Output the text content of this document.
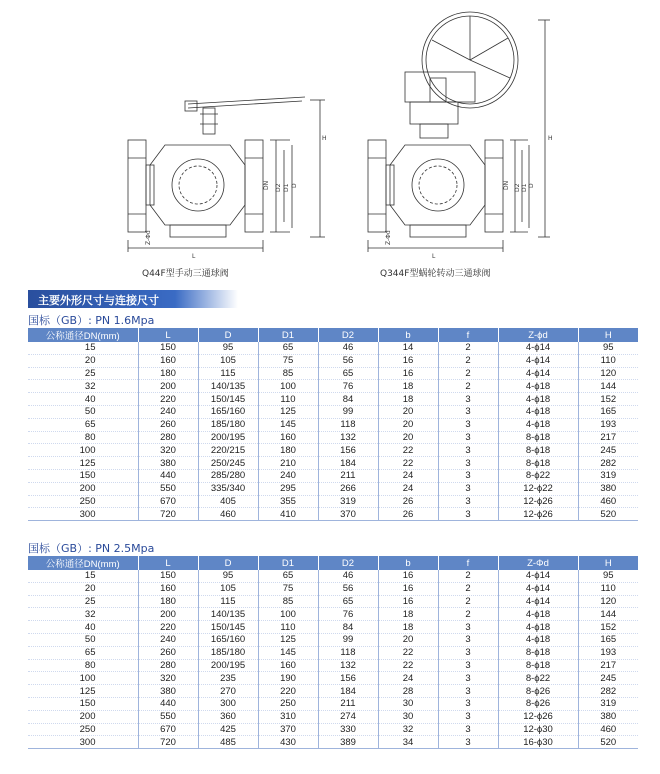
L
H
DN D2 D1 D
Z-Φd
L
H
DN D2 D1 D
Z-Φd
Q44F型手动三通球阀	Q344F型蜗轮转动三通球阀
主要外形尺寸与连接尺寸
国标（GB）: PN 1.6Mpa
公称通径DN(mm)	L	D	D1	D2	b	f	Z-ϕd	H
15	150	95	65	46	14	2	4-ϕ14	95
20	160	105	75	56	16	2	4-ϕ14	110
25	180	115	85	65	16	2	4-ϕ14	120
32	200	140/135	100	76	18	2	4-ϕ18	144
40	220	150/145	110	84	18	3	4-ϕ18	152
50	240	165/160	125	99	20	3	4-ϕ18	165
65	260	185/180	145	118	20	3	4-ϕ18	193
80	280	200/195	160	132	20	3	8-ϕ18	217
100	320	220/215	180	156	22	3	8-ϕ18	245
125	380	250/245	210	184	22	3	8-ϕ18	282
150	440	285/280	240	211	24	3	8-ϕ22	319
200	550	335/340	295	266	24	3	12-ϕ22	380
250	670	405	355	319	26	3	12-ϕ26	460
300	720	460	410	370	26	3	12-ϕ26	520
国标（GB）: PN 2.5Mpa
公称通径DN(mm)	L	D	D1	D2	b	f	Z-Φd	H
15	150	95	65	46	16	2	4-ϕ14	95
20	160	105	75	56	16	2	4-ϕ14	110
25	180	115	85	65	16	2	4-ϕ14	120
32	200	140/135	100	76	18	2	4-ϕ18	144
40	220	150/145	110	84	18	3	4-ϕ18	152
50	240	165/160	125	99	20	3	4-ϕ18	165
65	260	185/180	145	118	22	3	8-ϕ18	193
80	280	200/195	160	132	22	3	8-ϕ18	217
100	320	235	190	156	24	3	8-ϕ22	245
125	380	270	220	184	28	3	8-ϕ26	282
150	440	300	250	211	30	3	8-ϕ26	319
200	550	360	310	274	30	3	12-ϕ26	380
250	670	425	370	330	32	3	12-ϕ30	460
300	720	485	430	389	34	3	16-ϕ30	520
